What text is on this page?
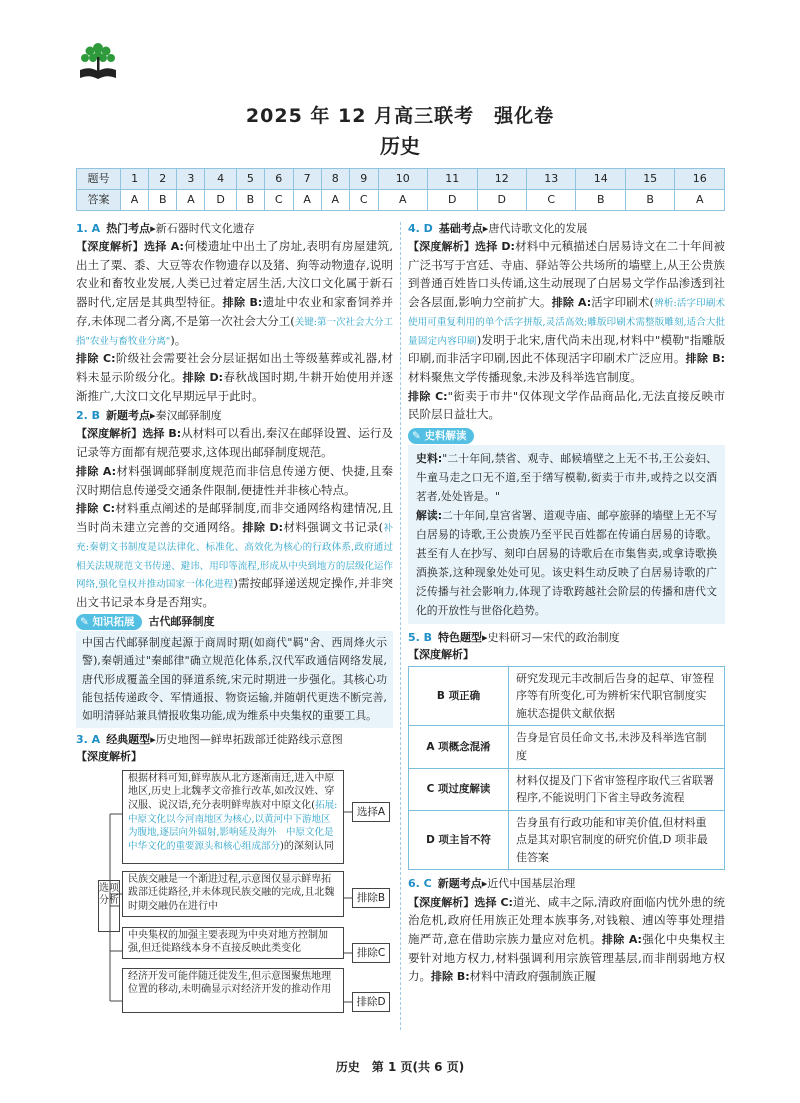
2025 年 12 月高三联考　强化卷
历史
题号	1	2	3	4	5	6	7	8	9	10	11	12	13	14	15	16
答案	A	B	A	D	B	C	A	A	C	A	D	D	C	B	B	A
1. A 热门考点▸新石器时代文化遗存

【深度解析】选择 A:何楼遗址中出土了房址,表明有房屋建筑,出土了粟、黍、大豆等农作物遗存以及猪、狗等动物遗存,说明农业和畜牧业发展,人类已过着定居生活,大汶口文化属于新石器时代,定居是其典型特征。排除 B:遗址中农业和家畜饲养并存,未体现二者分离,不是第一次社会大分工(关键:第一次社会大分工指"农业与畜牧业分离")。

排除 C:阶级社会需要社会分层证据如出土等级墓葬或礼器,材料未显示阶级分化。排除 D:春秋战国时期,牛耕开始使用并逐渐推广,大汶口文化早期远早于此时。

2. B 新题考点▸秦汉邮驿制度

【深度解析】选择 B:从材料可以看出,秦汉在邮驿设置、运行及记录等方面都有规范要求,这体现出邮驿制度规范。

排除 A:材料强调邮驿制度规范而非信息传递方便、快捷,且秦汉时期信息传递受交通条件限制,便捷性并非核心特点。

排除 C:材料重点阐述的是邮驿制度,而非交通网络构建情况,且当时尚未建立完善的交通网络。排除 D:材料强调文书记录(补充:秦朝文书制度是以法律化、标准化、高效化为核心的行政体系,政府通过相关法规规范文书传递、避讳、用印等流程,形成从中央到地方的层级化运作网络,强化皇权并推动国家一体化进程)需按邮驿递送规定操作,并非突出文书记录本身是否翔实。

✎ 知识拓展 古代邮驿制度
中国古代邮驿制度起源于商周时期(如商代"羁"舍、西周烽火示警),秦朝通过"秦邮律"确立规范化体系,汉代军政通信网络发展,唐代形成覆盖全国的驿道系统,宋元时期进一步强化。其核心功能包括传递政令、军情通报、物资运输,并随朝代更迭不断完善,如明清驿站兼具情报收集功能,成为维系中央集权的重要工具。
3. A 经典题型▸历史地图—鲜卑拓跋部迁徙路线示意图
【深度解析】
选项分析
根据材料可知,鲜卑族从北方逐渐南迁,进入中原地区,历史上北魏孝文帝推行改革,如改汉姓、穿汉服、说汉语,充分表明鲜卑族对中原文化(拓展:中原文化以今河南地区为核心,以黄河中下游地区为腹地,逐层向外辐射,影响延及海外　中原文化是中华文化的重要源头和核心组成部分)的深刻认同
民族交融是一个渐进过程,示意图仅显示鲜卑拓跋部迁徙路径,并未体现民族交融的完成,且北魏时期交融仍在进行中
中央集权的加强主要表现为中央对地方控制加强,但迁徙路线本身不直接反映此类变化
经济开发可能伴随迁徙发生,但示意图聚焦地理位置的移动,未明确显示对经济开发的推动作用
选择A
排除B
排除C
排除D
4. D 基础考点▸唐代诗歌文化的发展

【深度解析】选择 D:材料中元稹描述白居易诗文在二十年间被广泛书写于宫廷、寺庙、驿站等公共场所的墙壁上,从王公贵族到普通百姓皆口头传诵,这生动展现了白居易文学作品渗透到社会各层面,影响力空前扩大。排除 A:活字印刷术(辨析:活字印刷术使用可重复利用的单个活字拼版,灵活高效;雕版印刷术需整版雕刻,适合大批量固定内容印刷)发明于北宋,唐代尚未出现,材料中"模勒"指雕版印刷,而非活字印刷,因此不体现活字印刷术广泛应用。排除 B:材料聚焦文学传播现象,未涉及科举选官制度。

排除 C:"衒卖于市井"仅体现文学作品商品化,无法直接反映市民阶层日益壮大。

✎ 史料解读

史料:"二十年间,禁省、观寺、邮候墙壁之上无不书,王公妾妇、牛童马走之口无不道,至于缮写模勒,衒卖于市井,或持之以交酒茗者,处处皆是。"

解读:二十年间,皇宫省署、道观寺庙、邮亭旅驿的墙壁上无不写白居易的诗歌,王公贵族乃至平民百姓都在传诵白居易的诗歌。甚至有人在抄写、刻印白居易的诗歌后在市集售卖,或拿诗歌换酒换茶,这种现象处处可见。该史料生动反映了白居易诗歌的广泛传播与社会影响力,体现了诗歌跨越社会阶层的传播和唐代文化的开放性与世俗化趋势。

5. B 特色题型▸史料研习—宋代的政治制度
【深度解析】
B 项正确	研究发现元丰改制后告身的起草、审签程序等有所变化,可为辨析宋代职官制度实施状态提供文献依据
A 项概念混淆	告身是官员任命文书,未涉及科举选官制度
C 项过度解读	材料仅提及门下省审签程序取代三省联署程序,不能说明门下省主导政务流程
D 项主旨不符	告身虽有行政功能和审美价值,但材料重点是其对职官制度的研究价值,D 项非最佳答案
6. C 新题考点▸近代中国基层治理

【深度解析】选择 C:道光、咸丰之际,清政府面临内忧外患的统治危机,政府任用族正处理本族事务,对钱粮、逋凶等事处理措施严苛,意在借助宗族力量应对危机。排除 A:强化中央集权主要针对地方权力,材料强调利用宗族管理基层,而非削弱地方权力。排除 B:材料中清政府强制族正履

历史　第 1 页(共 6 页)
